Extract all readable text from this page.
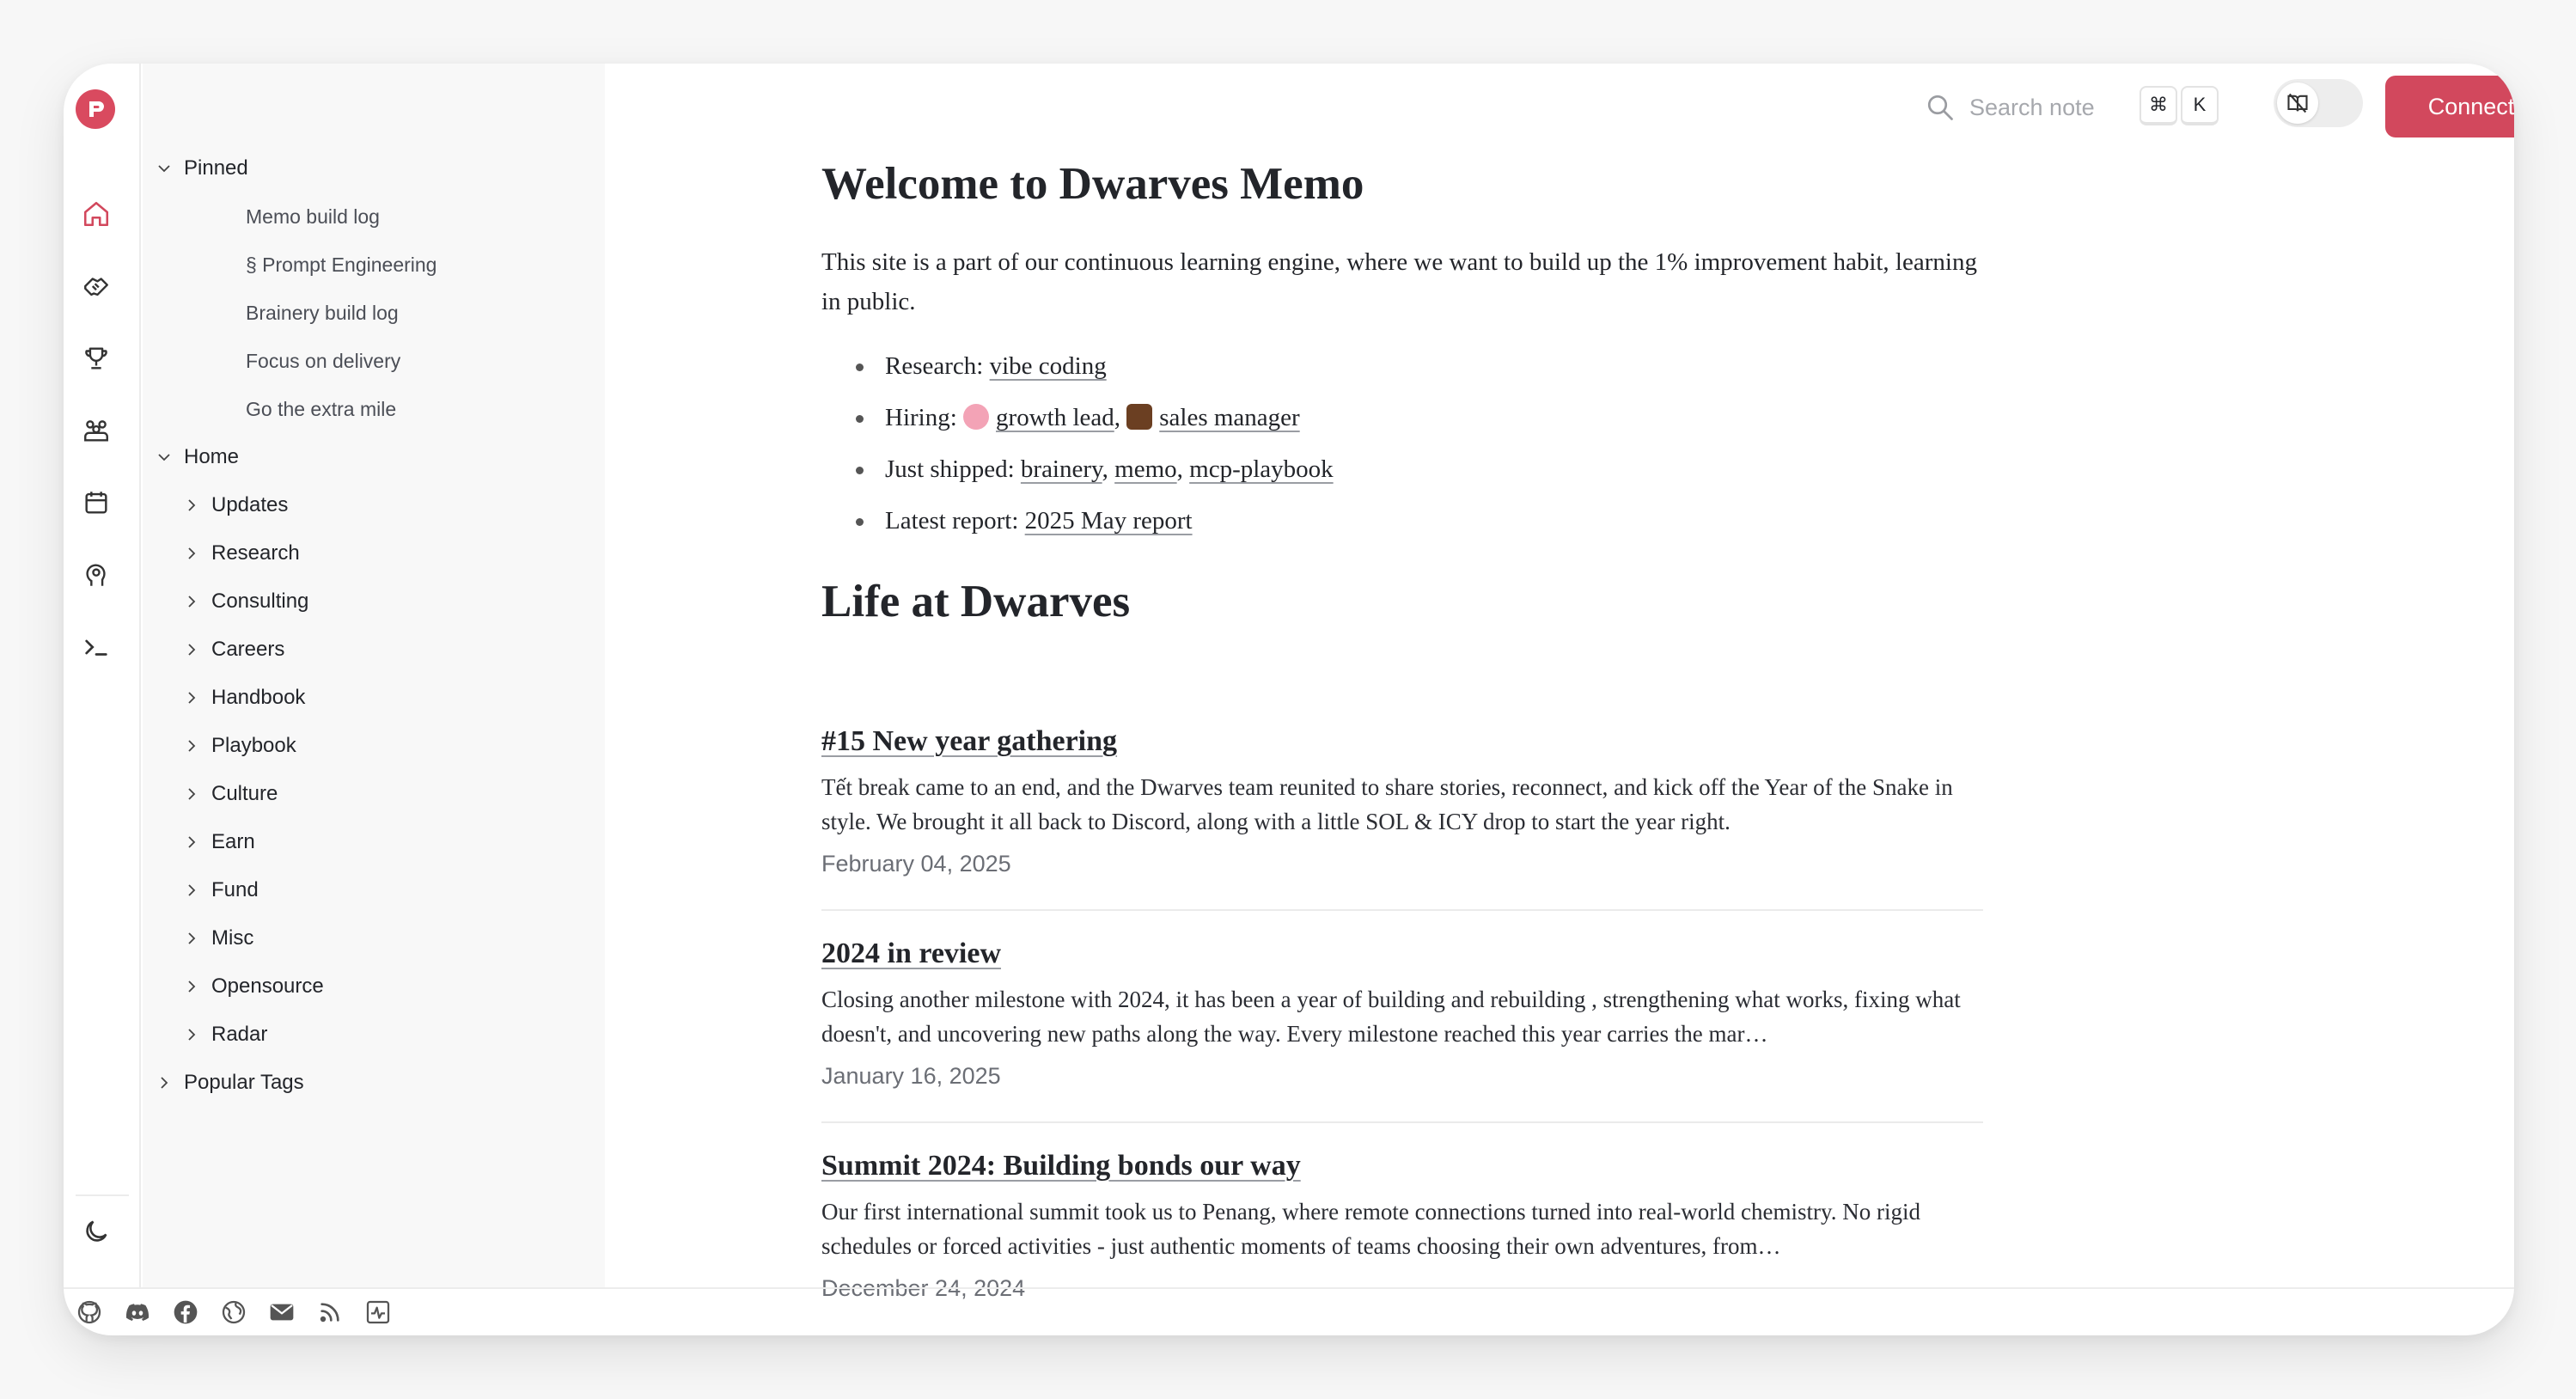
Pinned
Memo build log
§ Prompt Engineering
Brainery build log
Focus on delivery
Go the extra mile
Home
Updates
Research
Consulting
Careers
Handbook
Playbook
Culture
Earn
Fund
Misc
Opensource
Radar
Popular Tags
Search note	⌘	K	Connect
Welcome to Dwarves Memo

This site is a part of our continuous learning engine, where we want to build up the 1% improvement habit, learning in public.

Research: vibe coding
Hiring: growth lead, sales manager
Just shipped: brainery, memo, mcp-playbook
Latest report: 2025 May report
Life at Dwarves
#15 New year gathering
Tết break came to an end, and the Dwarves team reunited to share stories, reconnect, and kick off the Year of the Snake in style. We brought it all back to Discord, along with a little SOL & ICY drop to start the year right.
February 04, 2025
2024 in review
Closing another milestone with 2024, it has been a year of building and rebuilding , strengthening what works, fixing what doesn't, and uncovering new paths along the way. Every milestone reached this year carries the mar…
January 16, 2025
Summit 2024: Building bonds our way
Our first international summit took us to Penang, where remote connections turned into real-world chemistry. No rigid schedules or forced activities - just authentic moments of teams choosing their own adventures, from…
December 24, 2024
